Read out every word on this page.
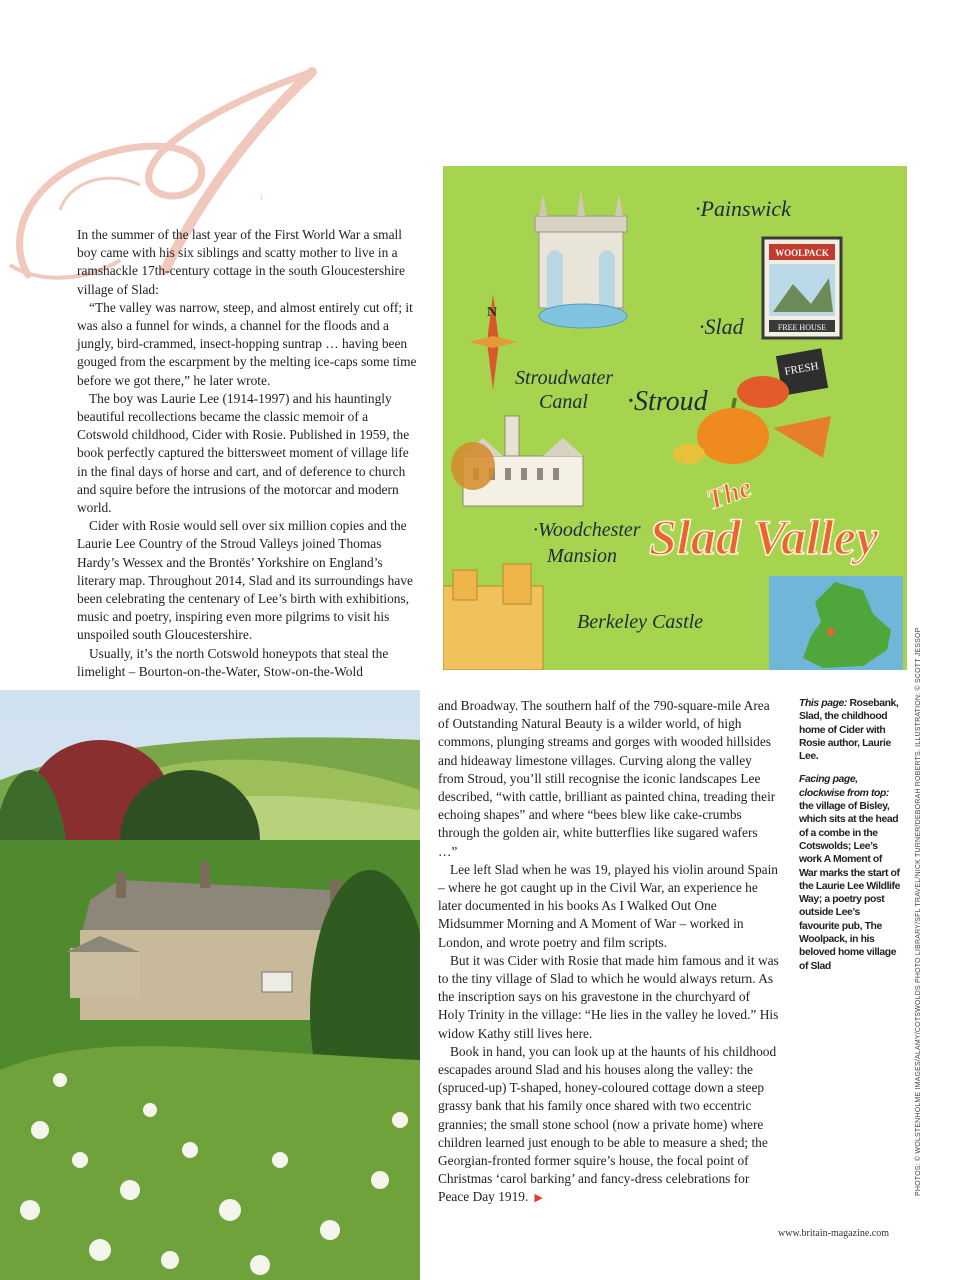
I

In the summer of the last year of the First World War a small boy came with his six siblings and scatty mother to live in a ramshackle 17th-century cottage in the south Gloucestershire village of Slad:

“The valley was narrow, steep, and almost entirely cut off; it was also a funnel for winds, a channel for the floods and a jungly, bird-crammed, insect-hopping suntrap … having been gouged from the escarpment by the melting ice-caps some time before we got there,” he later wrote.

The boy was Laurie Lee (1914-1997) and his hauntingly beautiful recollections became the classic memoir of a Cotswold childhood, Cider with Rosie. Published in 1959, the book perfectly captured the bittersweet moment of village life in the final days of horse and cart, and of deference to church and squire before the intrusions of the motorcar and modern world.

Cider with Rosie would sell over six million copies and the Laurie Lee Country of the Stroud Valleys joined Thomas Hardy’s Wessex and the Brontës’ Yorkshire on England’s literary map. Throughout 2014, Slad and its surroundings have been celebrating the centenary of Lee’s birth with exhibitions, music and poetry, inspiring even more pilgrims to visit his unspoiled south Gloucestershire.

Usually, it’s the north Cotswold honeypots that steal the limelight – Bourton-on-the-Water, Stow-on-the-Wold

N
WOOLPACK
FREE HOUSE
FRESH
·Painswick
·Slad
Stroudwater
Canal ·Stroud
·Woodchester
Mansion
Berkeley Castle
The
Slad Valley

and Broadway. The southern half of the 790-square-mile Area of Outstanding Natural Beauty is a wilder world, of high commons, plunging streams and gorges with wooded hillsides and hideaway limestone villages. Curving along the valley from Stroud, you’ll still recognise the iconic landscapes Lee described, “with cattle, brilliant as painted china, treading their echoing shapes” and where “bees blew like cake-crumbs through the golden air, white butterflies like sugared wafers …”

Lee left Slad when he was 19, played his violin around Spain – where he got caught up in the Civil War, an experience he later documented in his books As I Walked Out One Midsummer Morning and A Moment of War – worked in London, and wrote poetry and film scripts.

But it was Cider with Rosie that made him famous and it was to the tiny village of Slad to which he would always return. As the inscription says on his gravestone in the churchyard of Holy Trinity in the village: “He lies in the valley he loved.” His widow Kathy still lives here.

Book in hand, you can look up at the haunts of his childhood escapades around Slad and his houses along the valley: the (spruced-up) T-shaped, honey-coloured cottage down a steep grassy bank that his family once shared with two eccentric grannies; the small stone school (now a private home) where children learned just enough to be able to measure a shed; the Georgian-fronted former squire’s house, the focal point of Christmas ‘carol barking’ and fancy-dress celebrations for Peace Day 1919. ▶

This page: Rosebank, Slad, the childhood home of Cider with Rosie author, Laurie Lee.

Facing page, clockwise from top: the village of Bisley, which sits at the head of a combe in the Cotswolds; Lee’s work A Moment of War marks the start of the Laurie Lee Wildlife Way; a poetry post outside Lee’s favourite pub, The Woolpack, in his beloved home village of Slad	PHOTOS: © WOLSTENHOLME IMAGES/ALAMY/COTSWOLDS PHOTO LIBRARY/SFL TRAVEL/NICK TURNER/DEBORAH ROBERTS. ILLUSTRATION: © SCOTT JESSOP
www.britain-magazine.com
